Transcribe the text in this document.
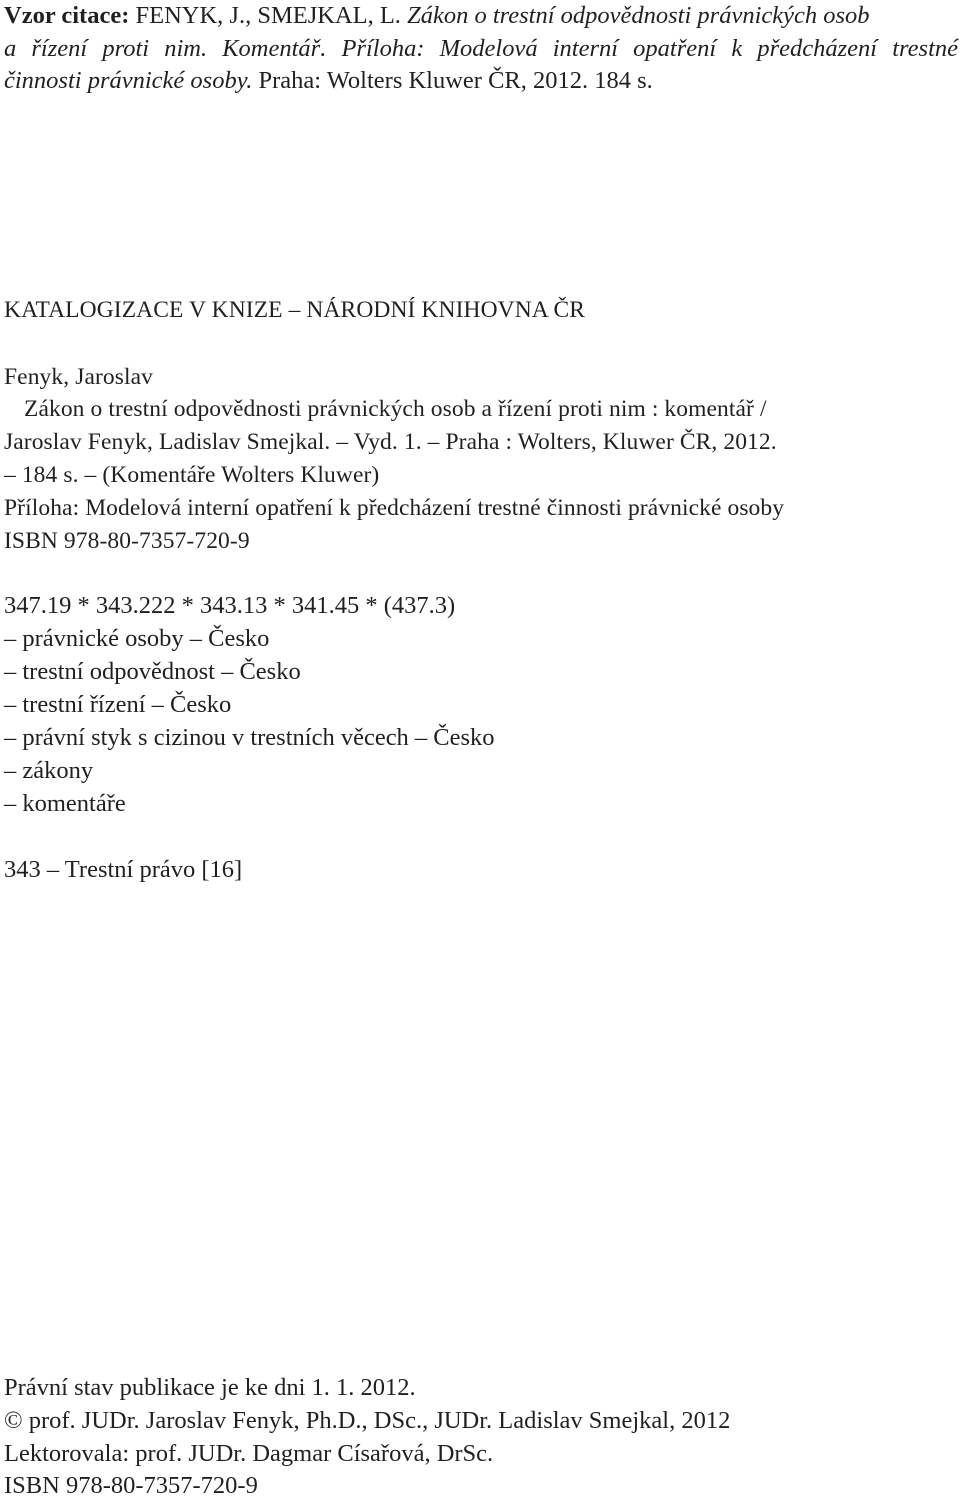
Vzor citace: FENYK, J., SMEJKAL, L. Zákon o trestní odpovědnosti právnických osob
a řízení proti nim. Komentář. Příloha: Modelová interní opatření k předcházení trestné
činnosti právnické osoby. Praha: Wolters Kluwer ČR, 2012. 184 s.
KATALOGIZACE V KNIZE – NÁRODNÍ KNIHOVNA ČR
Fenyk, Jaroslav
Zákon o trestní odpovědnosti právnických osob a řízení proti nim : komentář /
Jaroslav Fenyk, Ladislav Smejkal. – Vyd. 1. – Praha : Wolters, Kluwer ČR, 2012.
– 184 s. – (Komentáře Wolters Kluwer)
Příloha: Modelová interní opatření k předcházení trestné činnosti právnické osoby
ISBN 978-80-7357-720-9
347.19 * 343.222 * 343.13 * 341.45 * (437.3)
– právnické osoby – Česko
– trestní odpovědnost – Česko
– trestní řízení – Česko
– právní styk s cizinou v trestních věcech – Česko
– zákony
– komentáře
343 – Trestní právo [16]
Právní stav publikace je ke dni 1. 1. 2012.
© prof. JUDr. Jaroslav Fenyk, Ph.D., DSc., JUDr. Ladislav Smejkal, 2012
Lektorovala: prof. JUDr. Dagmar Císařová, DrSc.
ISBN 978-80-7357-720-9
